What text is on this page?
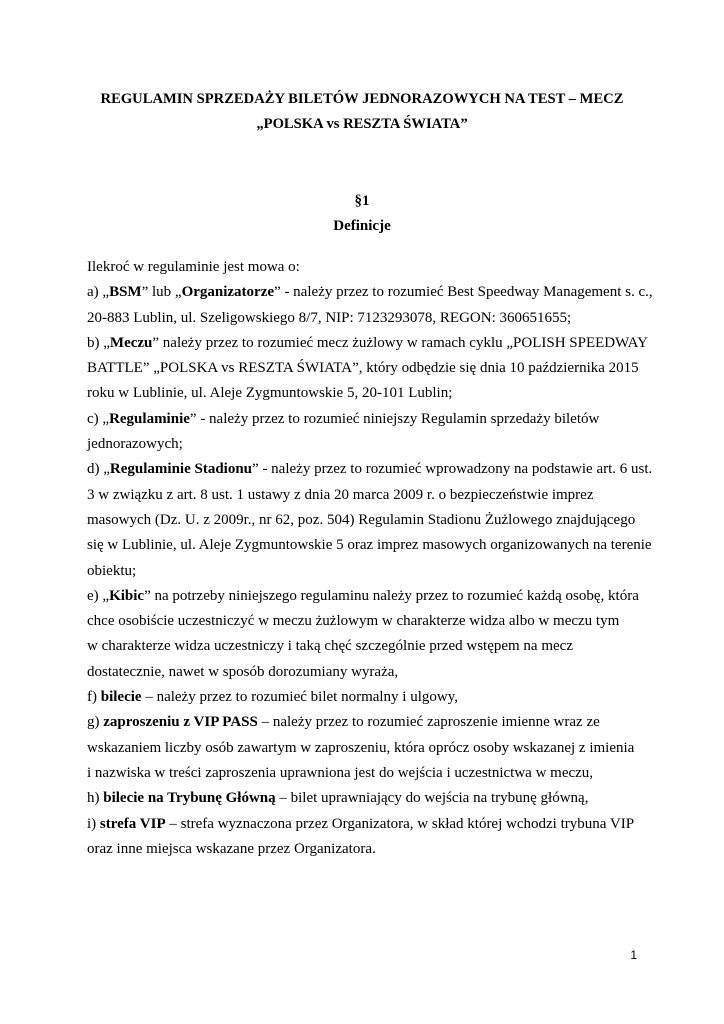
REGULAMIN SPRZEDAŻY BILETÓW JEDNORAZOWYCH NA TEST – MECZ
„POLSKA vs RESZTA ŚWIATA”
§1
Definicje
Ilekroć w regulaminie jest mowa o:
a) „BSM” lub „Organizatorze” - należy przez to rozumieć Best Speedway Management s. c.,
20-883 Lublin, ul. Szeligowskiego 8/7, NIP: 7123293078, REGON: 360651655;
b) „Meczu” należy przez to rozumieć mecz żużlowy w ramach cyklu „POLISH SPEEDWAY
BATTLE” „POLSKA vs RESZTA ŚWIATA”, który odbędzie się dnia 10 października 2015
roku w Lublinie, ul. Aleje Zygmuntowskie 5, 20-101 Lublin;
c) „Regulaminie” - należy przez to rozumieć niniejszy Regulamin sprzedaży biletów
jednorazowych;
d) „Regulaminie Stadionu” - należy przez to rozumieć wprowadzony na podstawie art. 6 ust.
3 w związku z art. 8 ust. 1 ustawy z dnia 20 marca 2009 r. o bezpieczeństwie imprez
masowych (Dz. U. z 2009r., nr 62, poz. 504) Regulamin Stadionu Żużlowego znajdującego
się w Lublinie, ul. Aleje Zygmuntowskie 5 oraz imprez masowych organizowanych na terenie
obiektu;
e) „Kibic” na potrzeby niniejszego regulaminu należy przez to rozumieć każdą osobę, która
chce osobiście uczestniczyć w meczu żużlowym w charakterze widza albo w meczu tym
w charakterze widza uczestniczy i taką chęć szczególnie przed wstępem na mecz
dostatecznie, nawet w sposób dorozumiany wyraża,
f) bilecie – należy przez to rozumieć bilet normalny i ulgowy,
g) zaproszeniu z VIP PASS – należy przez to rozumieć zaproszenie imienne wraz ze
wskazaniem liczby osób zawartym w zaproszeniu, która oprócz osoby wskazanej z imienia
i nazwiska w treści zaproszenia uprawniona jest do wejścia i uczestnictwa w meczu,
h) bilecie na Trybunę Główną – bilet uprawniający do wejścia na trybunę główną,
i) strefa VIP – strefa wyznaczona przez Organizatora, w skład której wchodzi trybuna VIP
oraz inne miejsca wskazane przez Organizatora.
1
